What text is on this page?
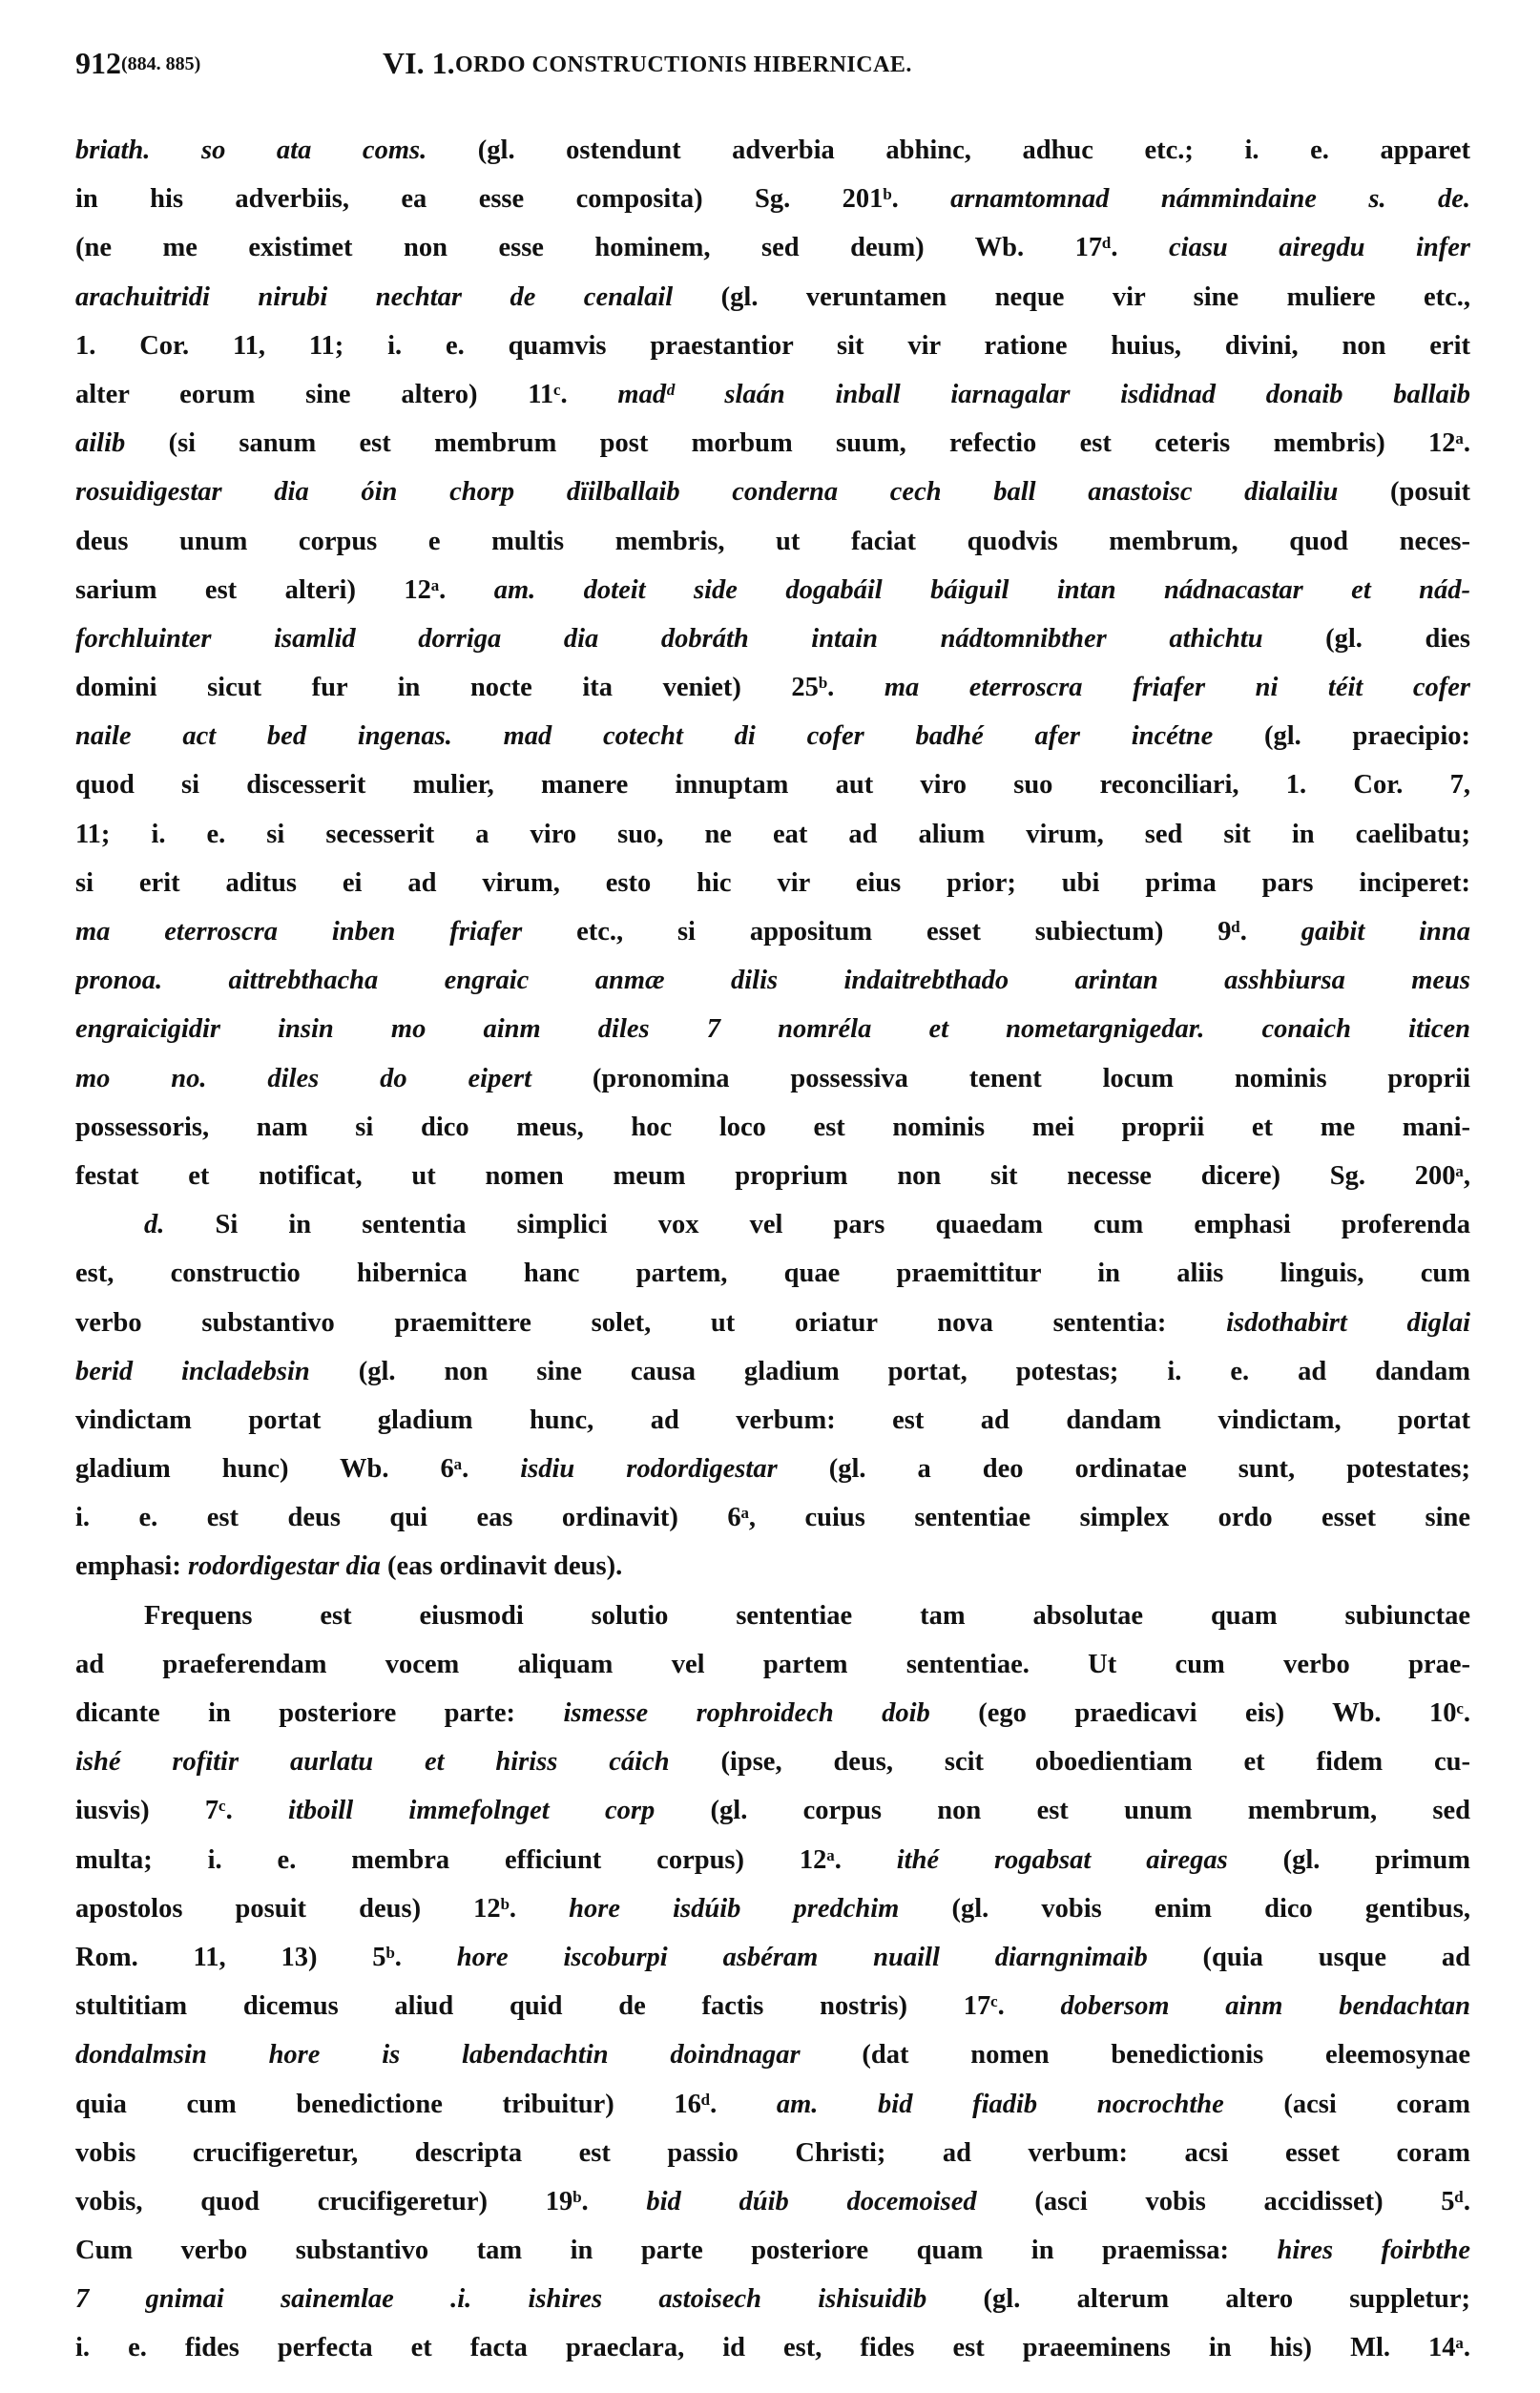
912 (884. 885)	VI. 1. ORDO CONSTRUCTIONIS HIBERNICAE.
briath. so ata coms. (gl. ostendunt adverbia abhinc, adhuc etc.; i. e. apparet
in his adverbiis, ea esse composita) Sg. 201ᵇ. arnamtomnad námmindaine s. de.
(ne me existimet non esse hominem, sed deum) Wb. 17ᵈ. ciasu airegdu infer
arachuitridi nirubi nechtar de cenalail (gl. veruntamen neque vir sine muliere etc.,
1. Cor. 11, 11; i. e. quamvis praestantior sit vir ratione huius, divini, non erit
alter eorum sine altero) 11ᶜ. madᵈ slaán inball iarnagalar isdidnad donaib ballaib
ailib (si sanum est membrum post morbum suum, refectio est ceteris membris) 12ᵃ.
rosuidigestar dia óin chorp dïilballaib conderna cech ball anastoisc dialailiu (posuit
deus unum corpus e multis membris, ut faciat quodvis membrum, quod neces-
sarium est alteri) 12ᵃ. am. doteit side dogabáil báiguil intan nádnacastar et nád-
forchluinter isamlid dorriga dia dobráth intain nádtomnibther athichtu (gl. dies
domini sicut fur in nocte ita veniet) 25ᵇ. ma eterroscra friafer ni téit cofer
naile act bed ingenas. mad cotecht di cofer badhé afer incétne (gl. praecipio:
quod si discesserit mulier, manere innuptam aut viro suo reconciliari, 1. Cor. 7,
11; i. e. si secesserit a viro suo, ne eat ad alium virum, sed sit in caelibatu;
si erit aditus ei ad virum, esto hic vir eius prior; ubi prima pars inciperet:
ma eterroscra inben friafer etc., si appositum esset subiectum) 9ᵈ. gaibit inna
pronoa. aittrebthacha engraic anmæ dilis indaitrebthado arintan asshbiursa meus
engraicigidir insin mo ainm diles 7 nomréla et nometargnigedar. conaich iticen
mo no. diles do eipert (pronomina possessiva tenent locum nominis proprii
possessoris, nam si dico meus, hoc loco est nominis mei proprii et me mani-
festat et notificat, ut nomen meum proprium non sit necesse dicere) Sg. 200ᵃ,
d. Si in sententia simplici vox vel pars quaedam cum emphasi proferenda
est, constructio hibernica hanc partem, quae praemittitur in aliis linguis, cum
verbo substantivo praemittere solet, ut oriatur nova sententia: isdothabirt diglai
berid incladebsin (gl. non sine causa gladium portat, potestas; i. e. ad dandam
vindictam portat gladium hunc, ad verbum: est ad dandam vindictam, portat
gladium hunc) Wb. 6ᵃ. isdiu rodordigestar (gl. a deo ordinatae sunt, potestates;
i. e. est deus qui eas ordinavit) 6ᵃ, cuius sententiae simplex ordo esset sine
emphasi: rodordigestar dia (eas ordinavit deus).
Frequens est eiusmodi solutio sententiae tam absolutae quam subiunctae
ad praeferendam vocem aliquam vel partem sententiae. Ut cum verbo prae-
dicante in posteriore parte: ismesse rophroidech doib (ego praedicavi eis) Wb. 10ᶜ.
ishé rofitir aurlatu et hiriss cáich (ipse, deus, scit oboedientiam et fidem cu-
iusvis) 7ᶜ. itboill immefolnget corp (gl. corpus non est unum membrum, sed
multa; i. e. membra efficiunt corpus) 12ᵃ. ithé rogabsat airegas (gl. primum
apostolos posuit deus) 12ᵇ. hore isdúib predchim (gl. vobis enim dico gentibus,
Rom. 11, 13) 5ᵇ. hore iscoburpi asbéram nuaill diarngnimaib (quia usque ad
stultitiam dicemus aliud quid de factis nostris) 17ᶜ. dobersom ainm bendachtan
dondalmsin hore is labendachtin doindnagar (dat nomen benedictionis eleemosynae
quia cum benedictione tribuitur) 16ᵈ. am. bid fiadib nocrochthe (acsi coram
vobis crucifigeretur, descripta est passio Christi; ad verbum: acsi esset coram
vobis, quod crucifigeretur) 19ᵇ. bid dúib docemoised (asci vobis accidisset) 5ᵈ.
Cum verbo substantivo tam in parte posteriore quam in praemissa: hires foirbthe
7 gnimai sainemlae .i. ishires astoisech ishisuidib (gl. alterum altero suppletur;
i. e. fides perfecta et facta praeclara, id est, fides est praeeminens in his) Ml. 14ᵃ.
